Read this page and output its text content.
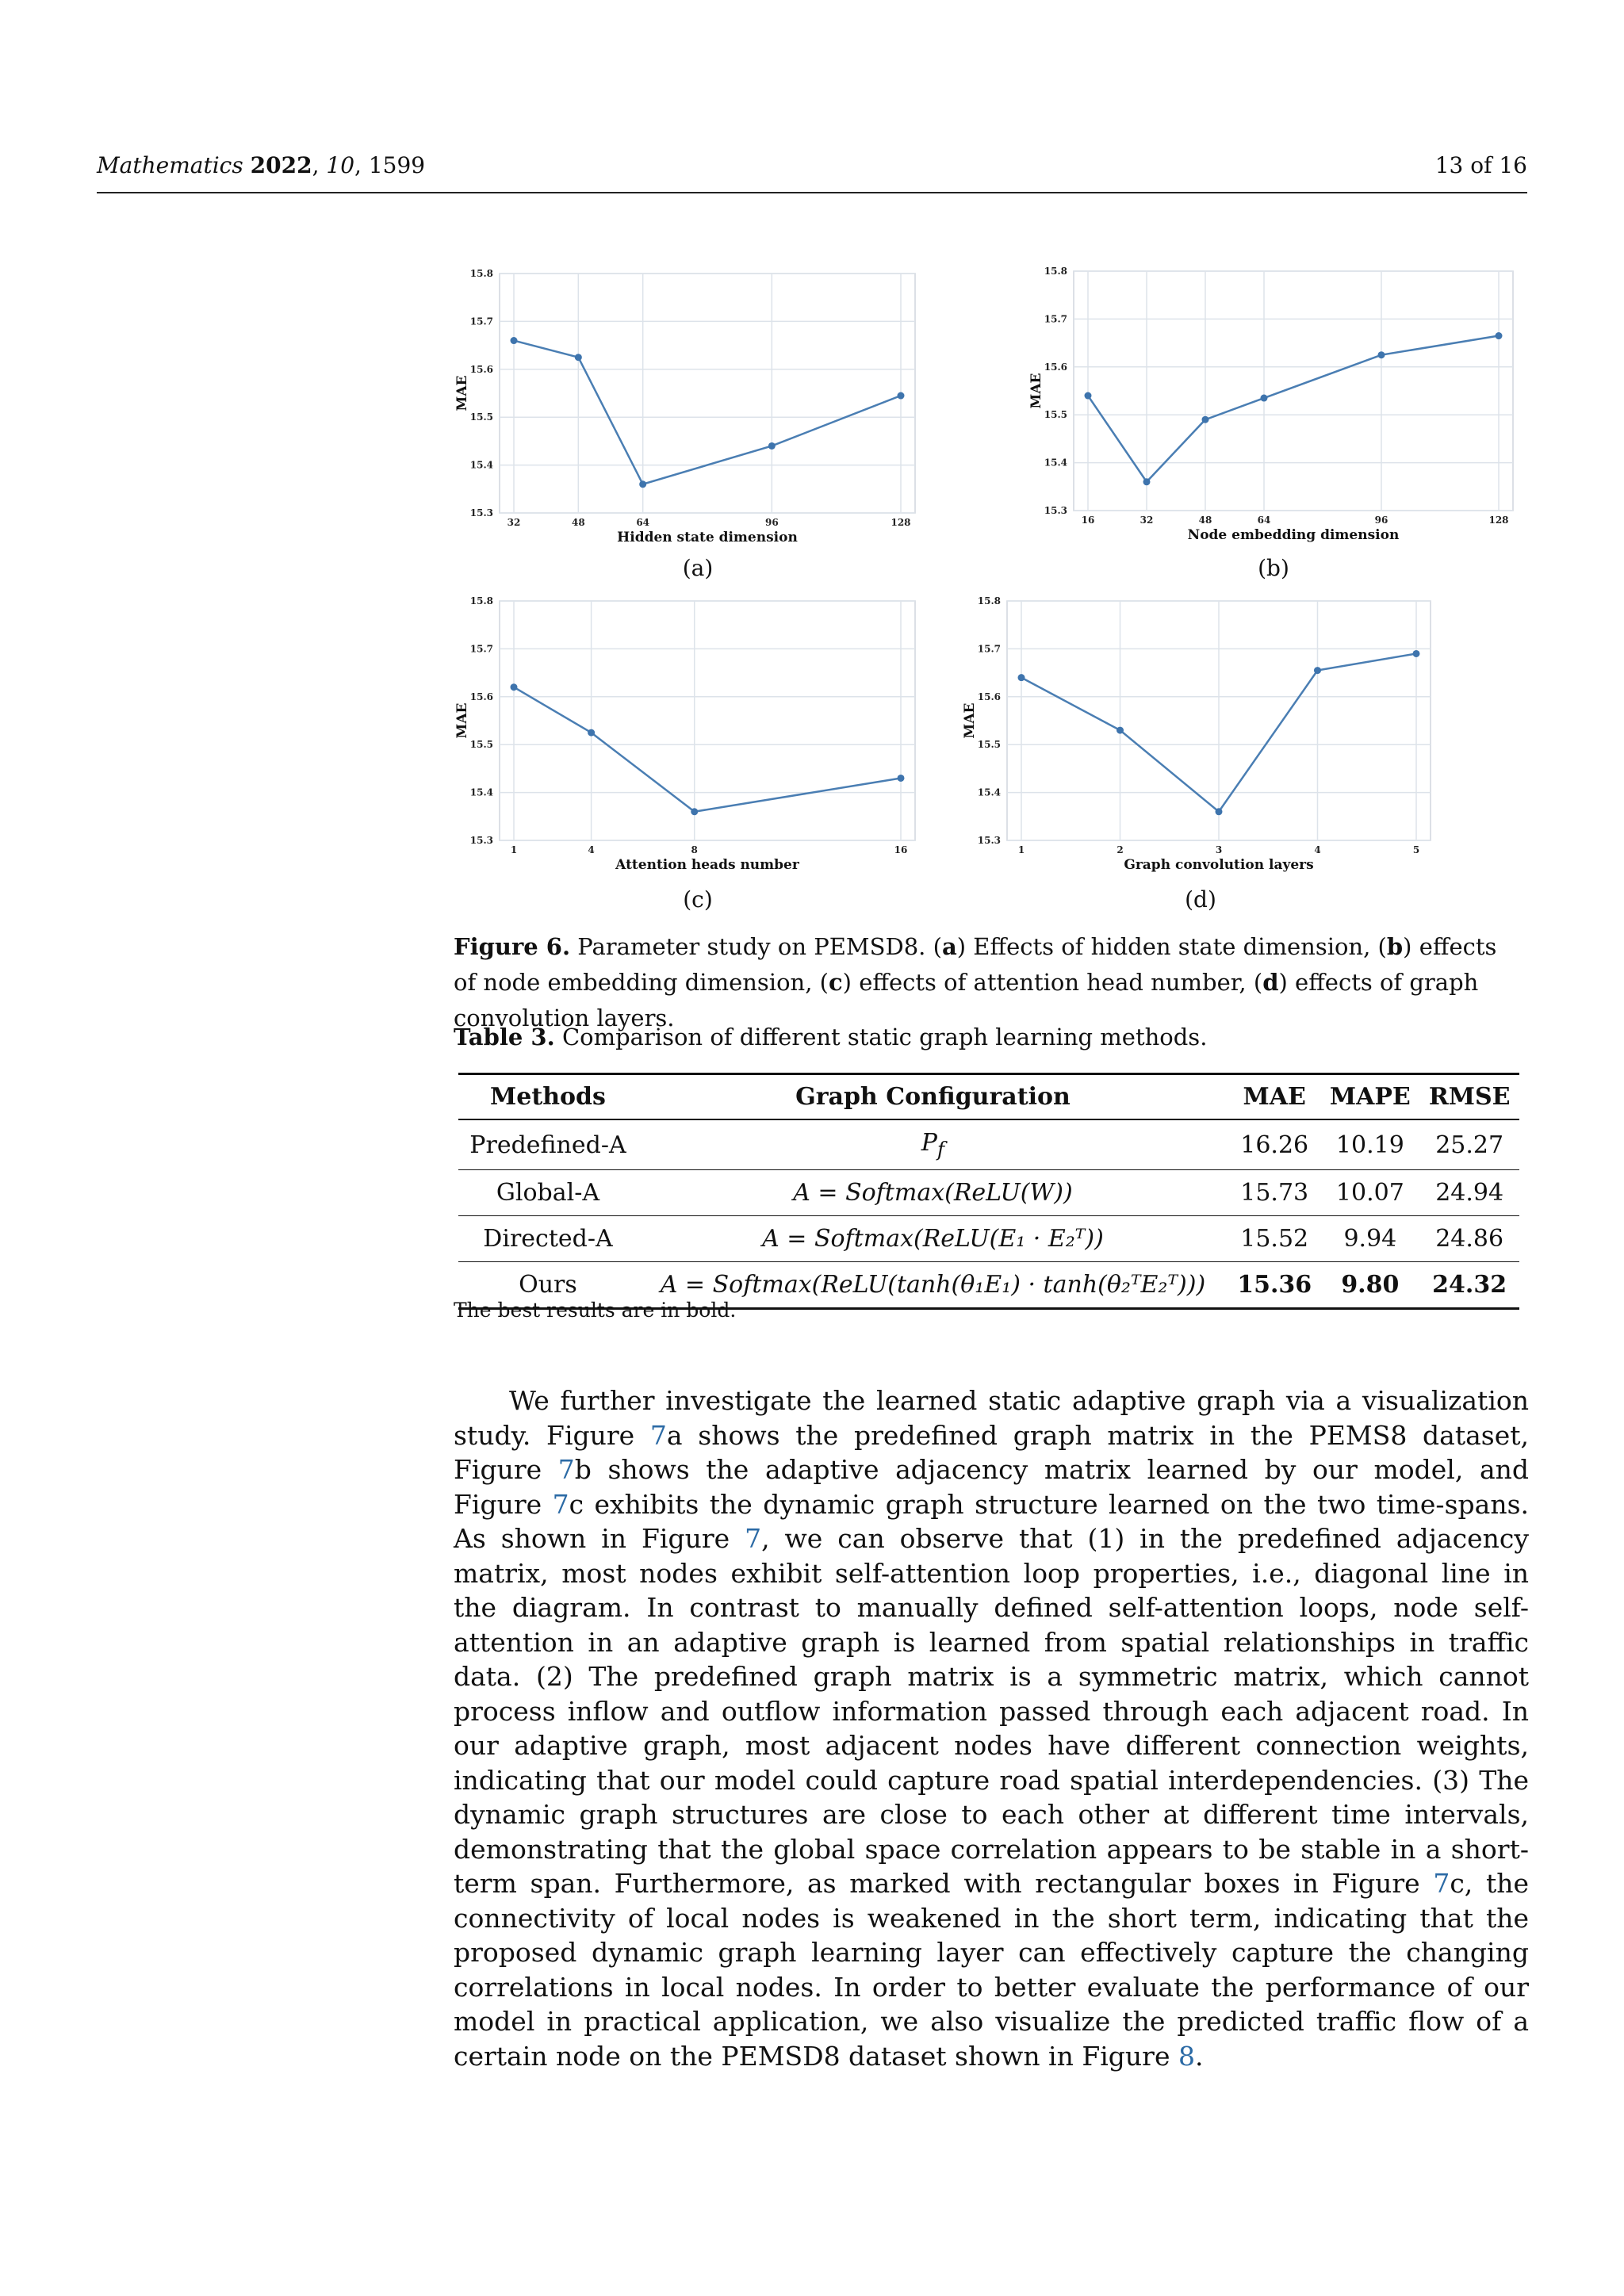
Mathematics 2022, 10, 1599	13 of 16
15.3
15.4
15.5
15.6
15.7
15.8
32	48	64	96	128
Hidden state dimension
MAE
15.3
15.4
15.5
15.6
15.7
15.8
16	32	48	64	96	128
Node embedding dimension
MAE
15.3
15.4
15.5
15.6
15.7
15.8
1	4	8	16
Attention heads number
MAE
15.3
15.4
15.5
15.6
15.7
15.8
1	2	3	4	5
Graph convolution layers
MAE
(a)	(b)
(c)	(d)
Figure 6. Parameter study on PEMSD8. (a) Effects of hidden state dimension, (b) effects of node embedding dimension, (c) effects of attention head number, (d) effects of graph convolution layers.
Table 3. Comparison of different static graph learning methods.
Methods	Graph Configuration	MAE	MAPE	RMSE
Predefined-A	$P_f$	16.26	10.19	25.27
Global-A	A = Softmax(ReLU(W))	15.73	10.07	24.94
Directed-A	A = Softmax(ReLU(E₁ · E₂ᵀ))	15.52	9.94	24.86
Ours	A = Softmax(ReLU(tanh(θ₁E₁) · tanh(θ₂ᵀE₂ᵀ)))	15.36	9.80	24.32
The best results are in bold.

We further investigate the learned static adaptive graph via a visualization study. Figure 7a shows the predefined graph matrix in the PEMS8 dataset, Figure 7b shows the adaptive adjacency matrix learned by our model, and Figure 7c exhibits the dynamic graph structure learned on the two time-spans. As shown in Figure 7, we can observe that (1) in the predefined adjacency matrix, most nodes exhibit self-attention loop properties, i.e., diagonal line in the diagram. In contrast to manually defined self-attention loops, node self-attention in an adaptive graph is learned from spatial relationships in traffic data. (2) The predefined graph matrix is a symmetric matrix, which cannot process inflow and outflow information passed through each adjacent road. In our adaptive graph, most adjacent nodes have different connection weights, indicating that our model could capture road spatial interdependencies. (3) The dynamic graph structures are close to each other at different time intervals, demonstrating that the global space correlation appears to be stable in a short-term span. Furthermore, as marked with rectangular boxes in Figure 7c, the connectivity of local nodes is weakened in the short term, indicating that the proposed dynamic graph learning layer can effectively capture the changing correlations in local nodes. In order to better evaluate the performance of our model in practical application, we also visualize the predicted traffic flow of a certain node on the PEMSD8 dataset shown in Figure 8.
